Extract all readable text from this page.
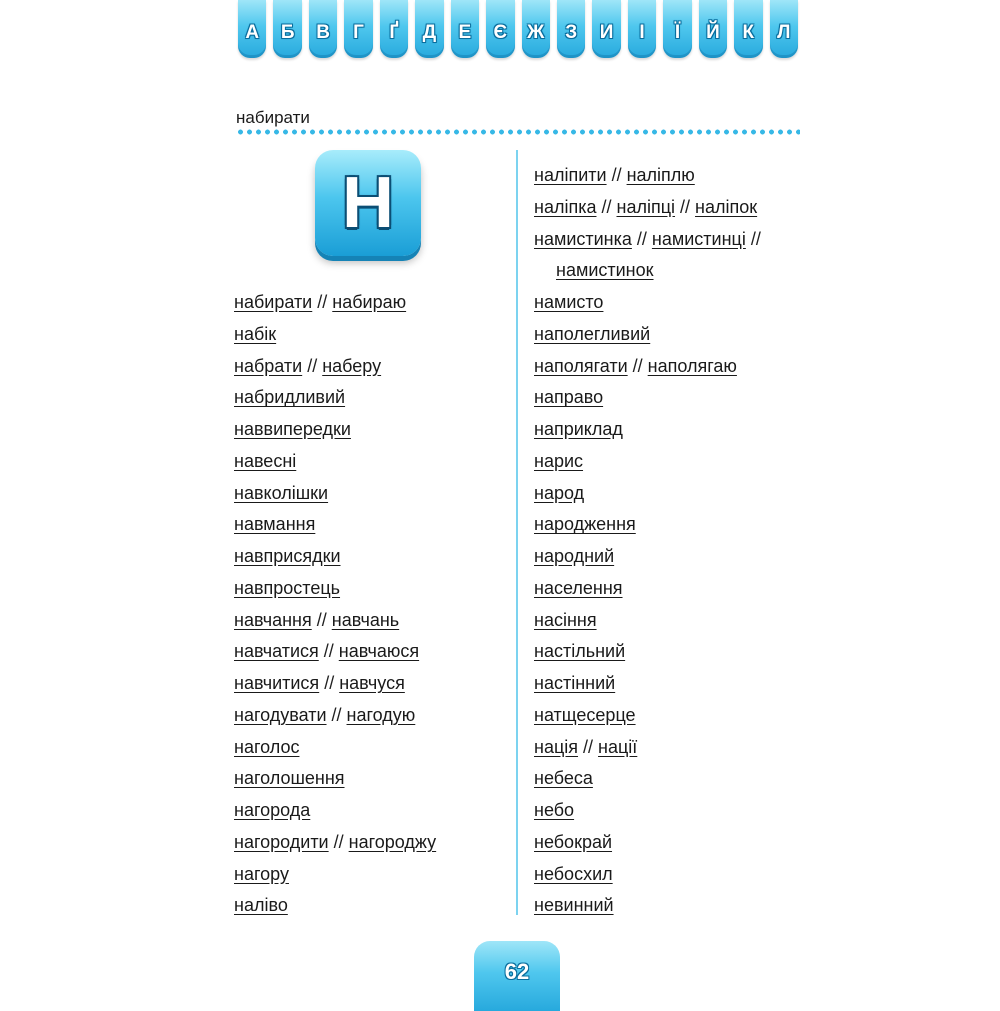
А	Б	В	Г	Ґ	Д	Е	Є	Ж	З	И	І	Ї	Й	К	Л
набирати
Н
набирати // набираю
набік
набрати // наберу
набридливий
наввипередки
навесні
навколішки
навмання
навприсядки
навпростець
навчання // навчань
навчатися // навчаюся
навчитися // навчуся
нагодувати // нагодую
наголос
наголошення
нагорода
нагородити // нагороджу
нагору
наліво
наліпити // наліплю
наліпка // наліпці // наліпок
намистинка // намистинці //
намистинок
намисто
наполегливий
наполягати // наполягаю
направо
наприклад
нарис
народ
народження
народний
населення
насіння
настільний
настінний
натщесерце
нація // нації
небеса
небо
небокрай
небосхил
невинний
62
